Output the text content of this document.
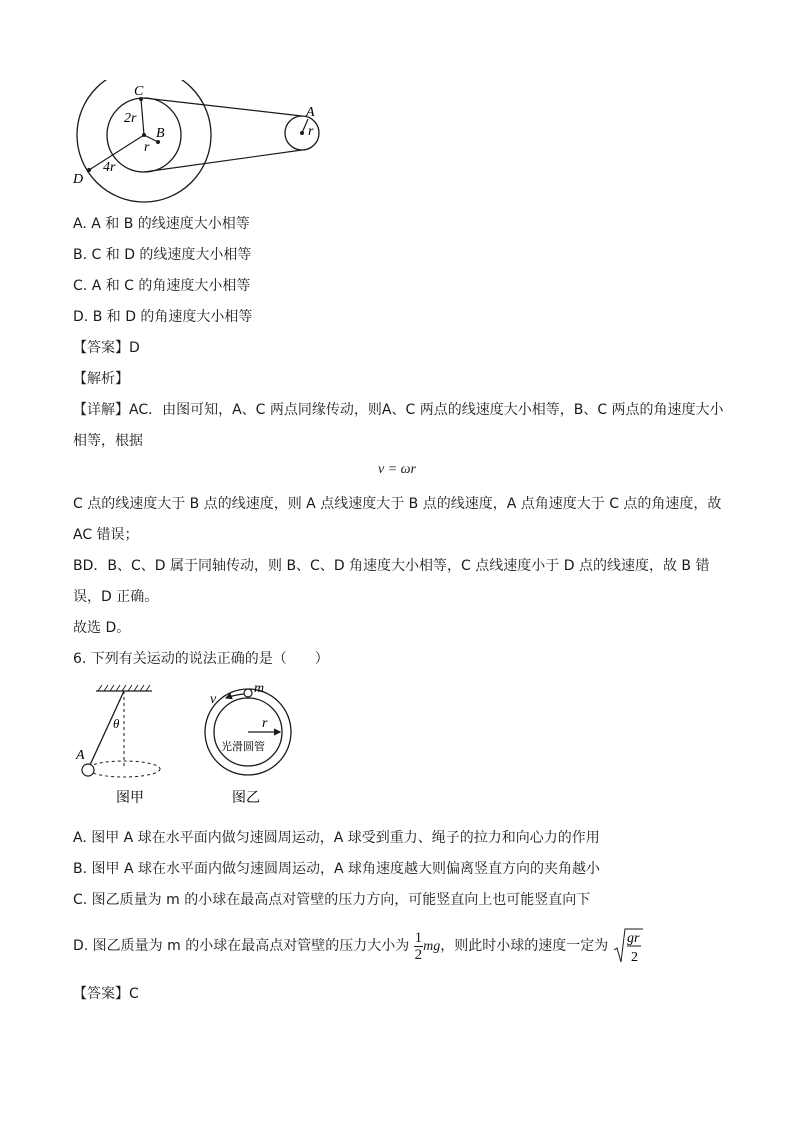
C
2r
B
r
4r
D
A
r
A. A 和 B 的线速度大小相等
B. C 和 D 的线速度大小相等
C. A 和 C 的角速度大小相等
D. B 和 D 的角速度大小相等
【答案】D
【解析】
【详解】AC．由图可知，A、C 两点同缘传动，则A、C 两点的线速度大小相等，B、C 两点的角速度大小
相等，根据
v = ωr
C 点的线速度大于 B 点的线速度，则 A 点线速度大于 B 点的线速度，A 点角速度大于 C 点的角速度，故
AC 错误；
BD．B、C、D 属于同轴传动，则 B、C、D 角速度大小相等，C 点线速度小于 D 点的线速度，故 B 错
误，D 正确。
故选 D。
6. 下列有关运动的说法正确的是（　　）
θ
A
图甲
v
m
r
光滑圆管
图乙
A. 图甲 A 球在水平面内做匀速圆周运动，A 球受到重力、绳子的拉力和向心力的作用
B. 图甲 A 球在水平面内做匀速圆周运动，A 球角速度越大则偏离竖直方向的夹角越小
C. 图乙质量为 m 的小球在最高点对管壁的压力方向，可能竖直向上也可能竖直向下
D. 图乙质量为 m 的小球在最高点对管壁的压力大小为 $\frac{1}{2}$ mg，则此时小球的速度一定为 gr
2
【答案】C
